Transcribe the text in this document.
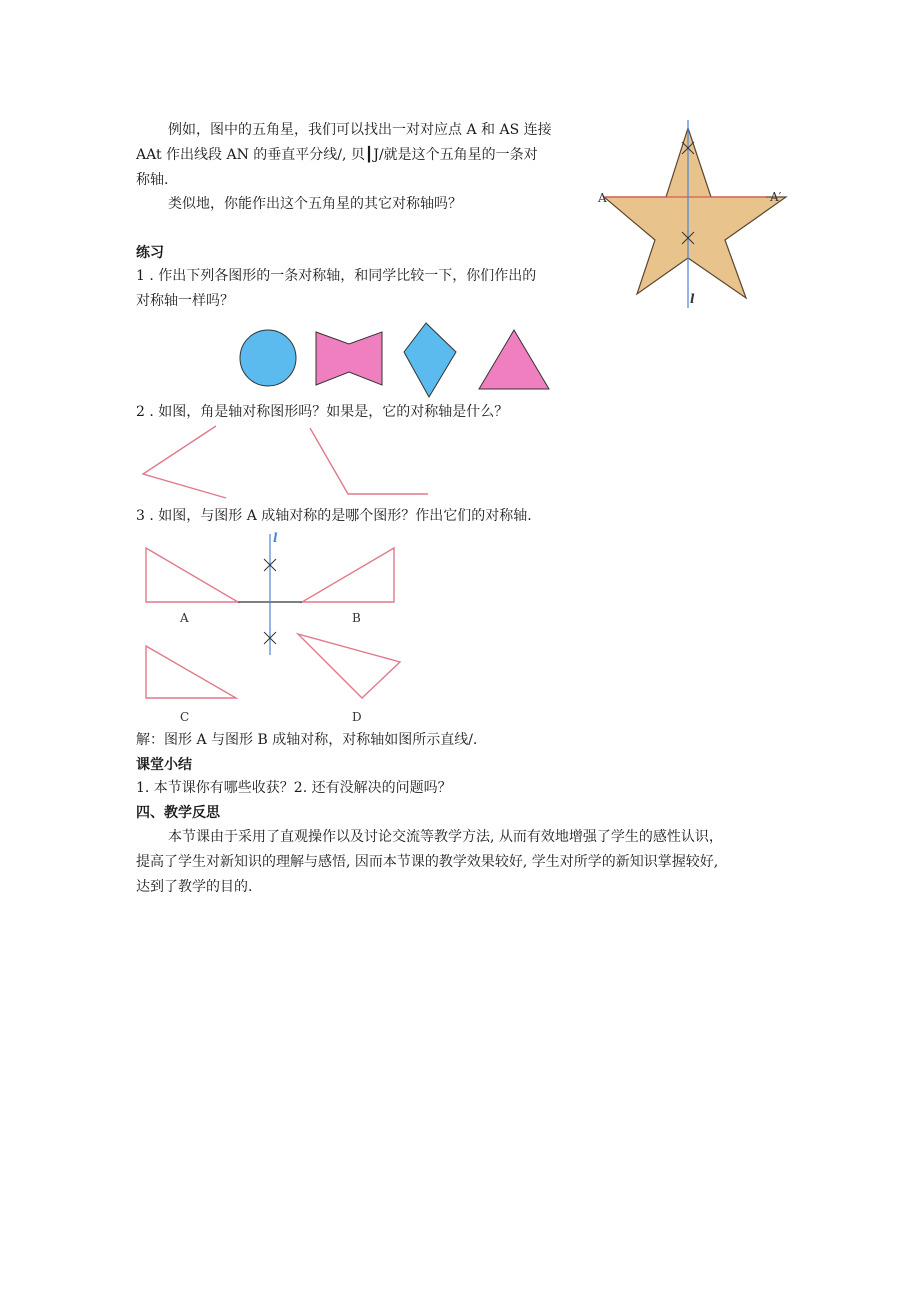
例如，图中的五角星，我们可以找出一对对应点 A 和 AS 连接
AAt 作出线段 AN 的垂直平分线/, 贝┃J/就是这个五角星的一条对
称轴.
类似地，你能作出这个五角星的其它对称轴吗？	A	A′
l
练习
1 . 作出下列各图形的一条对称轴，和同学比较一下，你们作出的
对称轴一样吗？
2 . 如图，角是轴对称图形吗？如果是，它的对称轴是什么？
3 . 如图，与图形 A 成轴对称的是哪个图形？作出它们的对称轴.
A	B
C	D
l
解：图形 A 与图形 B 成轴对称，对称轴如图所示直线/.
课堂小结
1. 本节课你有哪些收获？2. 还有没解决的问题吗？
四、教学反思
本节课由于采用了直观操作以及讨论交流等教学方法, 从而有效地增强了学生的感性认识，
提高了学生对新知识的理解与感悟, 因而本节课的教学效果较好, 学生对所学的新知识掌握较好,
达到了教学的目的.
